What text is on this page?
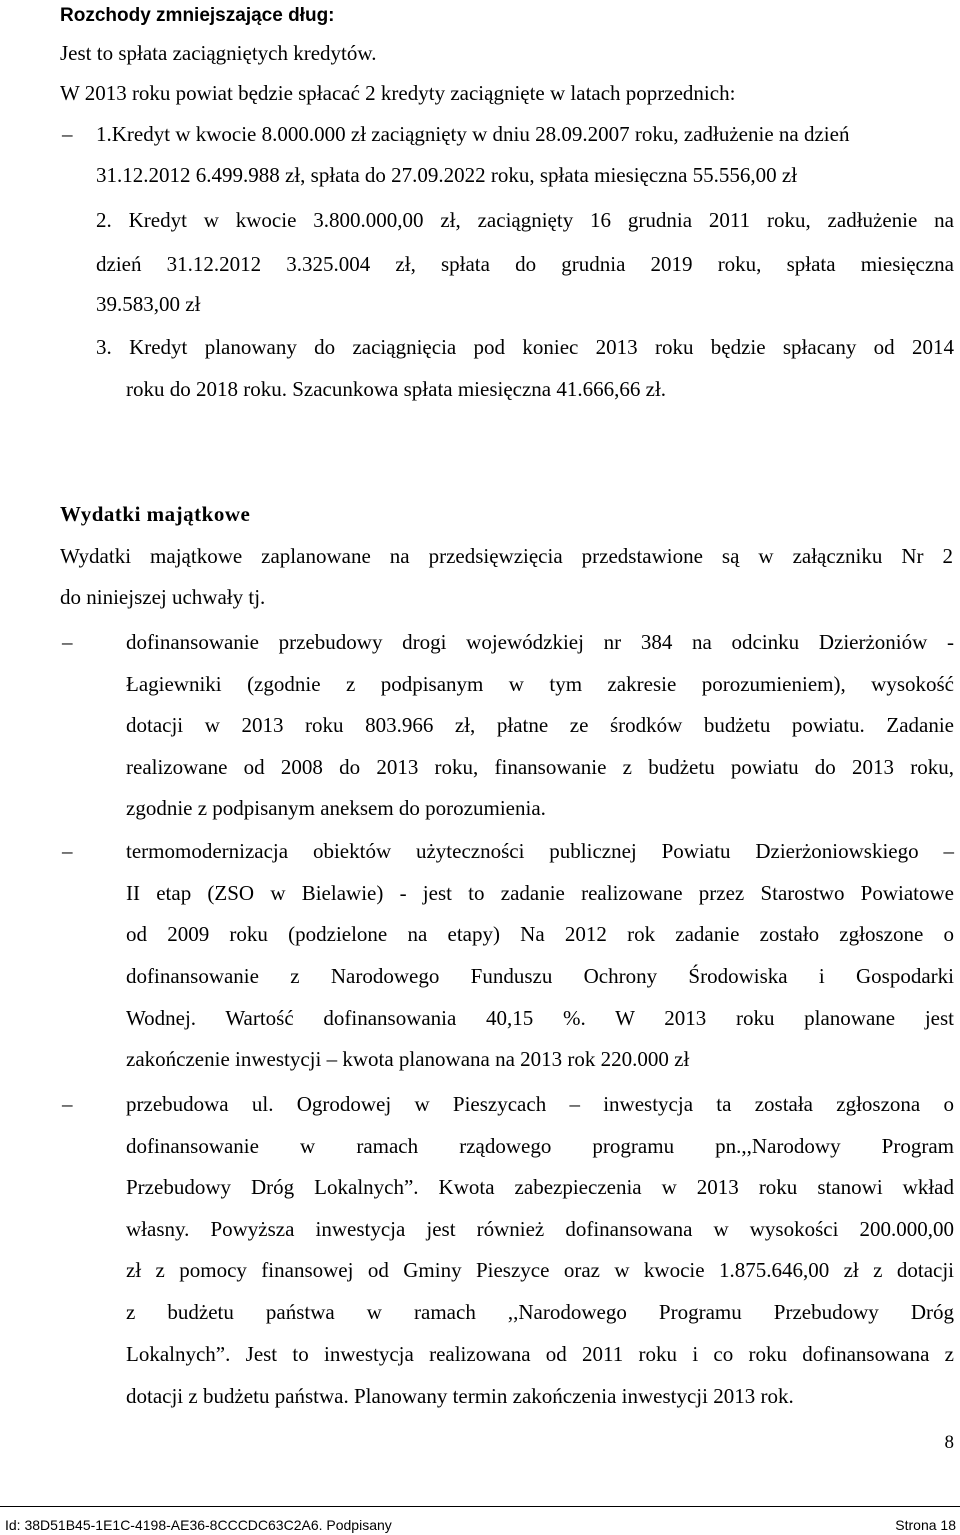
Rozchody zmniejszające dług:
Jest to spłata zaciągniętych kredytów.
W 2013 roku powiat będzie spłacać 2 kredyty zaciągnięte w latach poprzednich:
– 1.Kredyt w kwocie 8.000.000 zł zaciągnięty w dniu 28.09.2007 roku, zadłużenie na dzień
31.12.2012 6.499.988 zł, spłata do 27.09.2022 roku, spłata miesięczna 55.556,00 zł
2. Kredyt w kwocie 3.800.000,00 zł, zaciągnięty 16 grudnia 2011 roku, zadłużenie na
dzień 31.12.2012 3.325.004 zł, spłata do grudnia 2019 roku, spłata miesięczna
39.583,00 zł
3. Kredyt planowany do zaciągnięcia pod koniec 2013 roku będzie spłacany od 2014
roku do 2018 roku. Szacunkowa spłata miesięczna 41.666,66 zł.
Wydatki majątkowe
Wydatki majątkowe zaplanowane na przedsięwzięcia przedstawione są w załączniku Nr 2
do niniejszej uchwały tj.
–	dofinansowanie przebudowy drogi wojewódzkiej nr 384 na odcinku Dzierżoniów -
Łagiewniki (zgodnie z podpisanym w tym zakresie porozumieniem), wysokość
dotacji w 2013 roku 803.966 zł, płatne ze środków budżetu powiatu. Zadanie
realizowane od 2008 do 2013 roku, finansowanie z budżetu powiatu do 2013 roku,
zgodnie z podpisanym aneksem do porozumienia.
–	termomodernizacja obiektów użyteczności publicznej Powiatu Dzierżoniowskiego –
II etap (ZSO w Bielawie) - jest to zadanie realizowane przez Starostwo Powiatowe
od 2009 roku (podzielone na etapy) Na 2012 rok zadanie zostało zgłoszone o
dofinansowanie z Narodowego Funduszu Ochrony Środowiska i Gospodarki
Wodnej. Wartość dofinansowania 40,15 %. W 2013 roku planowane jest
zakończenie inwestycji – kwota planowana na 2013 rok 220.000 zł
–	przebudowa ul. Ogrodowej w Pieszycach – inwestycja ta została zgłoszona o
dofinansowanie w ramach rządowego programu pn.,,Narodowy Program
Przebudowy Dróg Lokalnych”. Kwota zabezpieczenia w 2013 roku stanowi wkład
własny. Powyższa inwestycja jest również dofinansowana w wysokości 200.000,00
zł z pomocy finansowej od Gminy Pieszyce oraz w kwocie 1.875.646,00 zł z dotacji
z budżetu państwa w ramach ,,Narodowego Programu Przebudowy Dróg
Lokalnych”. Jest to inwestycja realizowana od 2011 roku i co roku dofinansowana z
dotacji z budżetu państwa. Planowany termin zakończenia inwestycji 2013 rok.
8
Id: 38D51B45-1E1C-4198-AE36-8CCCDC63C2A6. Podpisany	Strona 18
